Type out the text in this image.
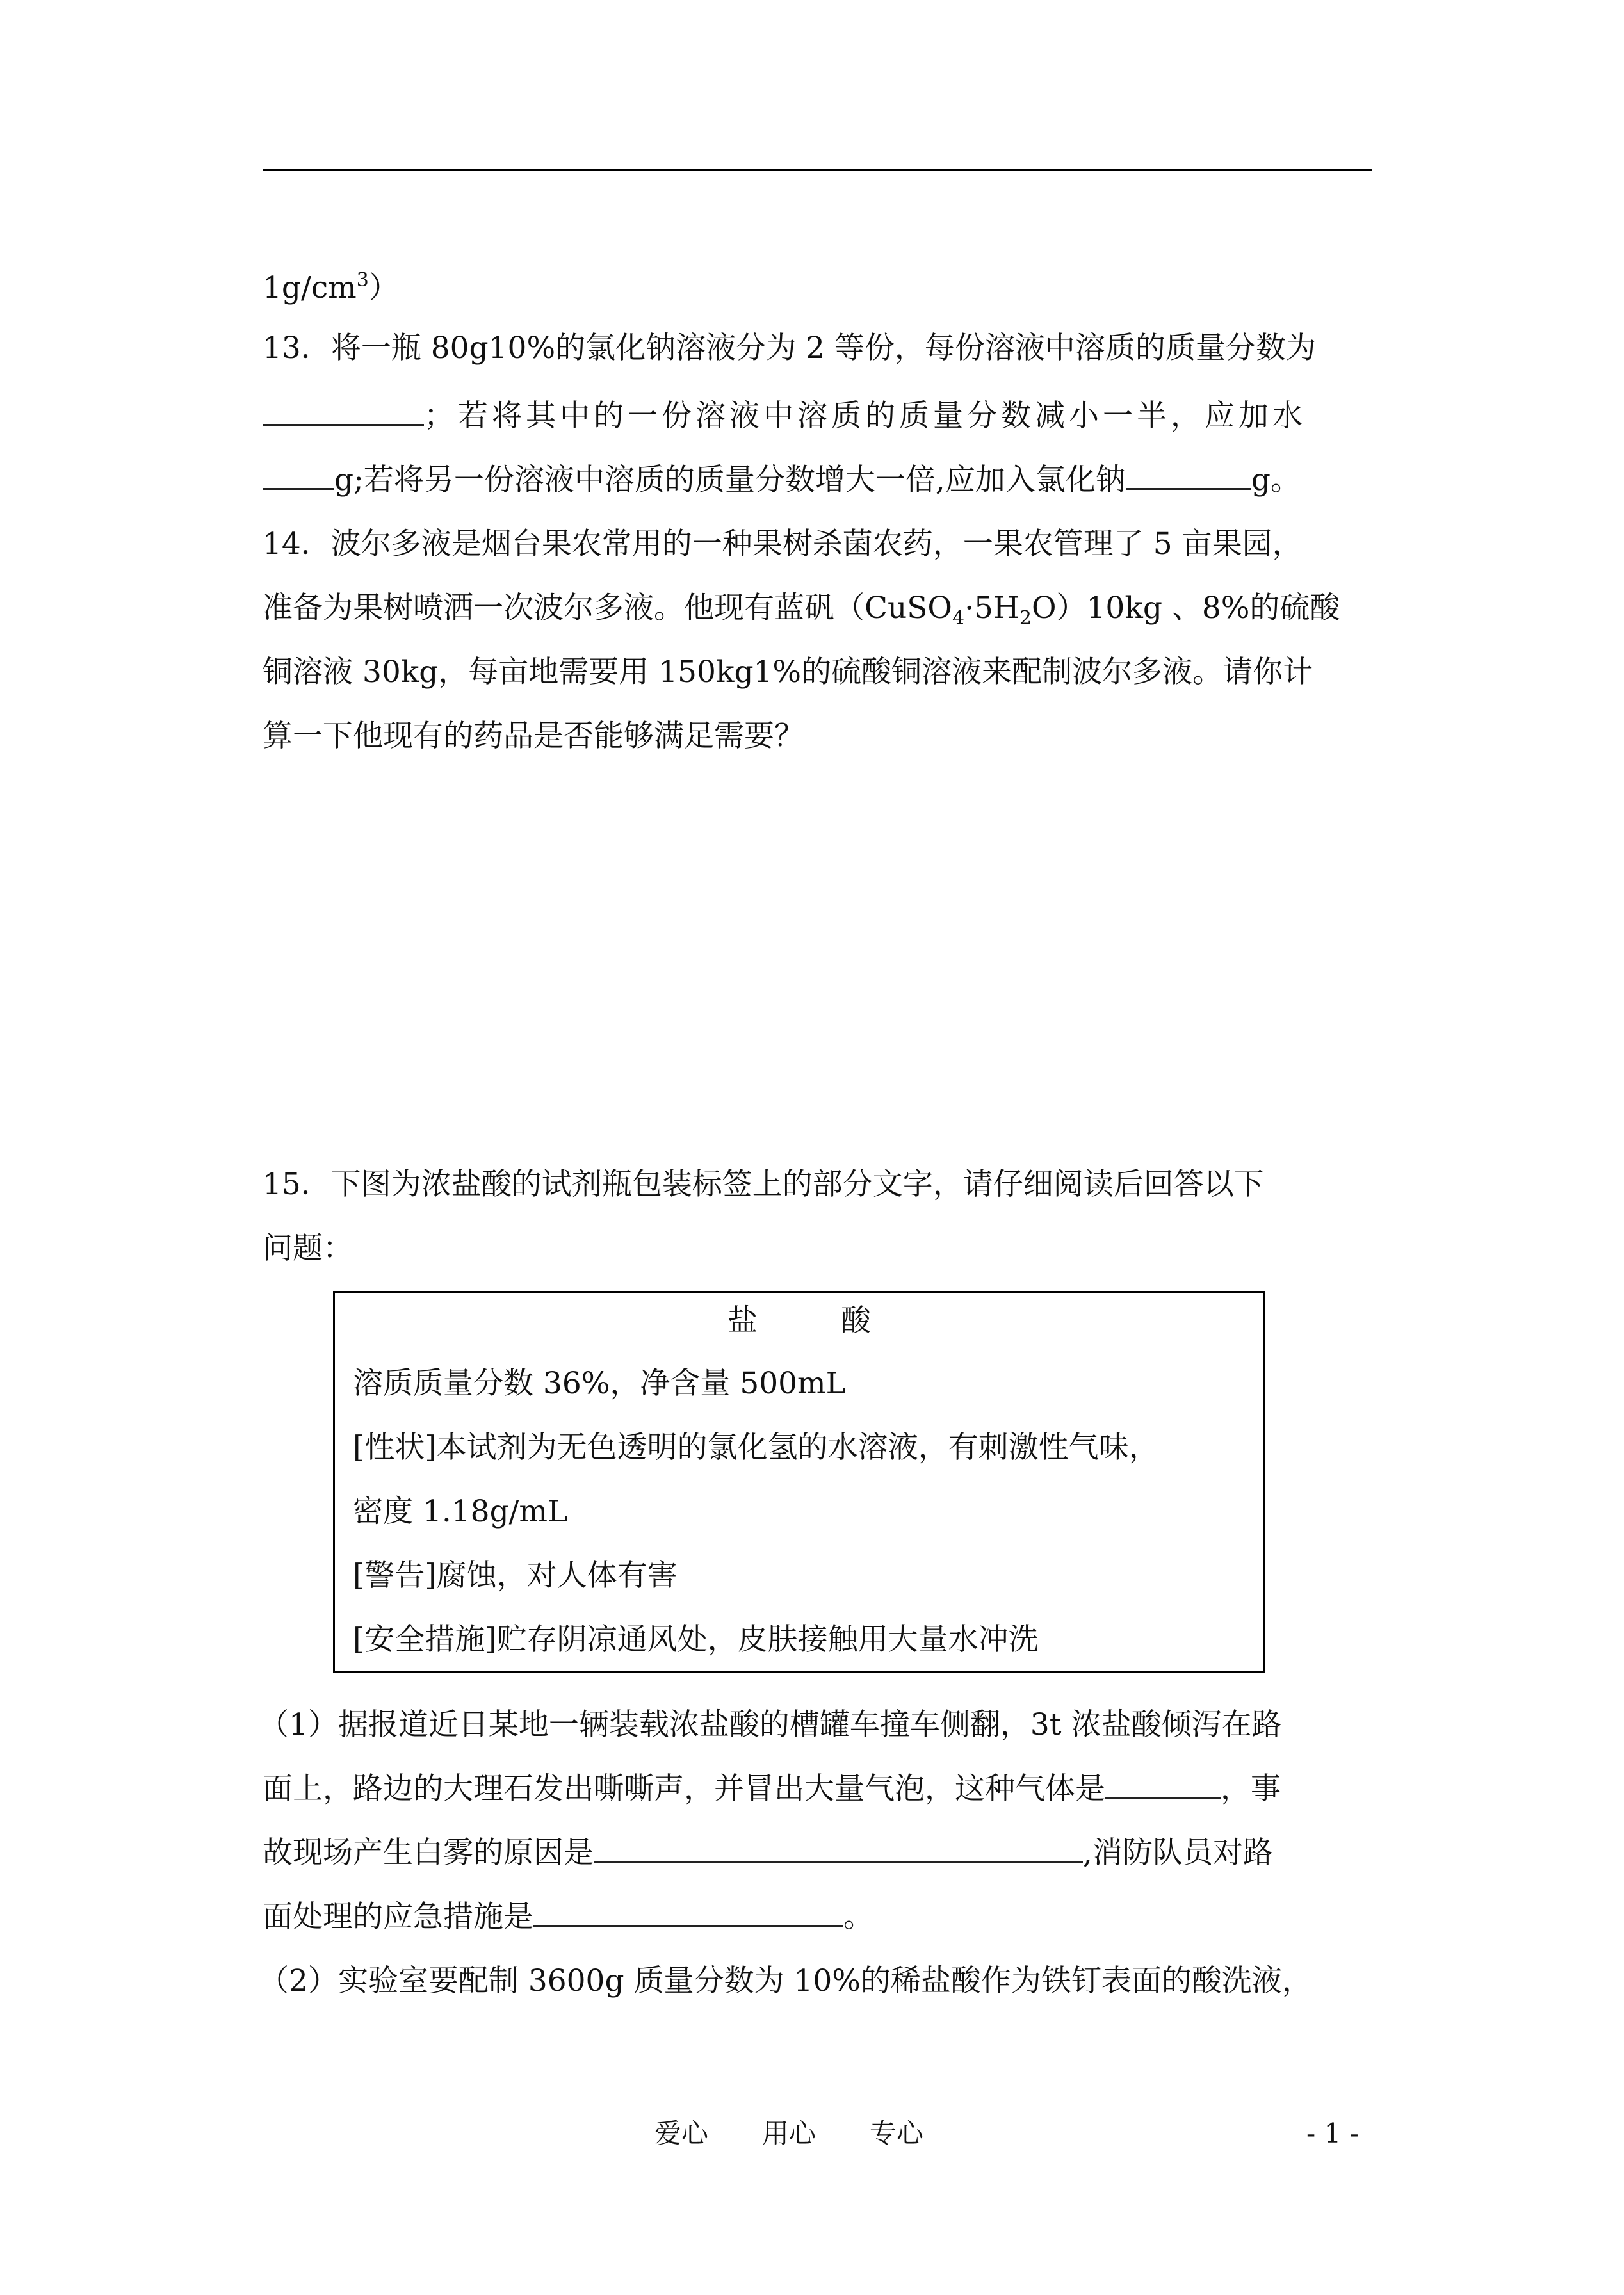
$1g/cm^3$）
13．将一瓶 80g10%的氯化钠溶液分为 2 等份，每份溶液中溶质的质量分数为
；若将其中的一份溶液中溶质的质量分数减小一半，应加水
g;若将另一份溶液中溶质的质量分数增大一倍,应加入氯化钠	g。
14．波尔多液是烟台果农常用的一种果树杀菌农药，一果农管理了 5 亩果园，
准备为果树喷洒一次波尔多液。他现有蓝矾$(CuSO_4\cdot 5H_2O)10kg$ 、8%的硫酸
铜溶液 30kg，每亩地需要用 150kg1%的硫酸铜溶液来配制波尔多液。请你计
算一下他现有的药品是否能够满足需要？
15．下图为浓盐酸的试剂瓶包装标签上的部分文字，请仔细阅读后回答以下
问题：
盐酸
溶质质量分数 36%，净含量 500mL
[性状]本试剂为无色透明的氯化氢的水溶液，有刺激性气味，
密度 1.18g/mL
[警告]腐蚀，对人体有害
[安全措施]贮存阴凉通风处，皮肤接触用大量水冲洗
（1）据报道近日某地一辆装载浓盐酸的槽罐车撞车侧翻，3t 浓盐酸倾泻在路
面上，路边的大理石发出嘶嘶声，并冒出大量气泡，这种气体是	，事
故现场产生白雾的原因是	,消防队员对路
面处理的应急措施是	。
（2）实验室要配制 3600g 质量分数为 10%的稀盐酸作为铁钉表面的酸洗液，
爱心　　用心　　专心	- 1 -
